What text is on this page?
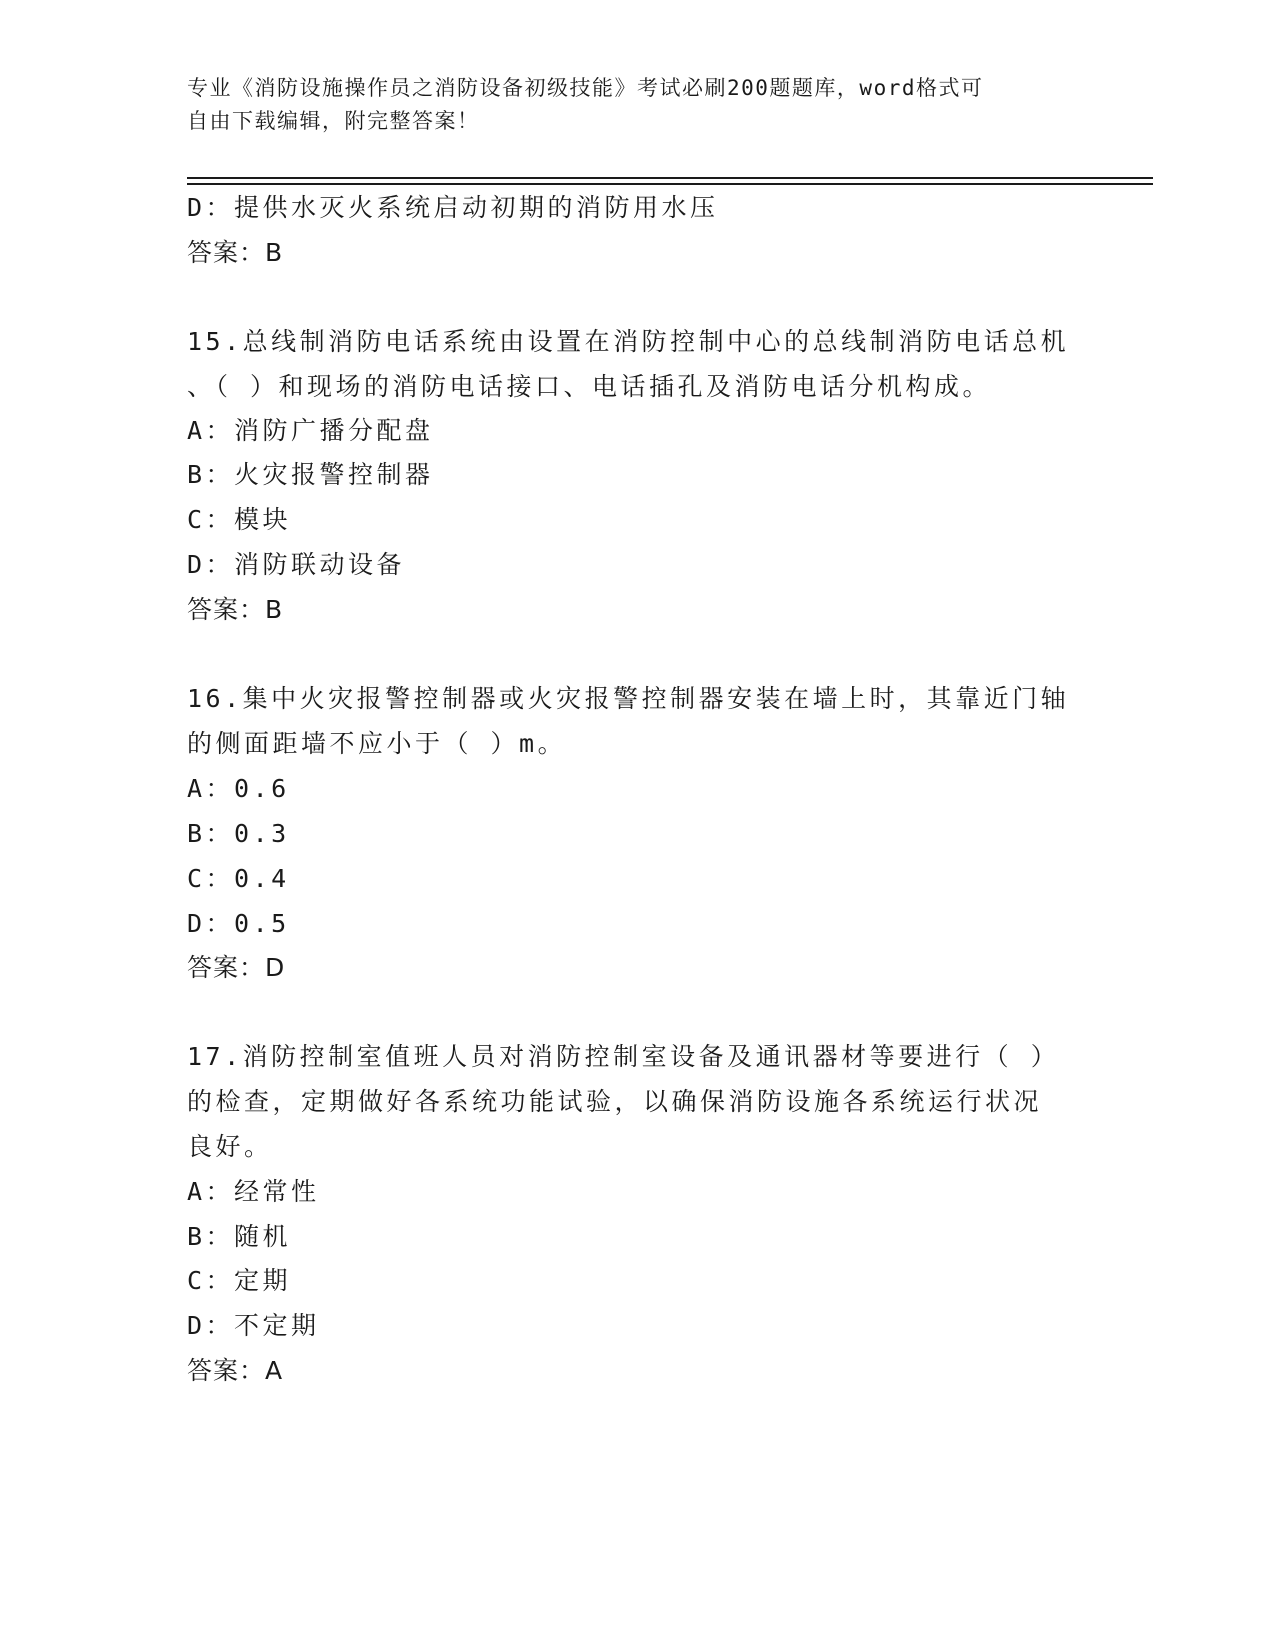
专业《消防设施操作员之消防设备初级技能》考试必刷200题题库，word格式可
自由下载编辑，附完整答案！
D：提供水灭火系统启动初期的消防用水压
答案：B
15.总线制消防电话系统由设置在消防控制中心的总线制消防电话总机
、（ ）和现场的消防电话接口、电话插孔及消防电话分机构成。
A：消防广播分配盘
B：火灾报警控制器
C：模块
D：消防联动设备
答案：B
16.集中火灾报警控制器或火灾报警控制器安装在墙上时，其靠近门轴
的侧面距墙不应小于（ ）m。
A：0.6
B：0.3
C：0.4
D：0.5
答案：D
17.消防控制室值班人员对消防控制室设备及通讯器材等要进行（ ）
的检查，定期做好各系统功能试验，以确保消防设施各系统运行状况
良好。
A：经常性
B：随机
C：定期
D：不定期
答案：A
